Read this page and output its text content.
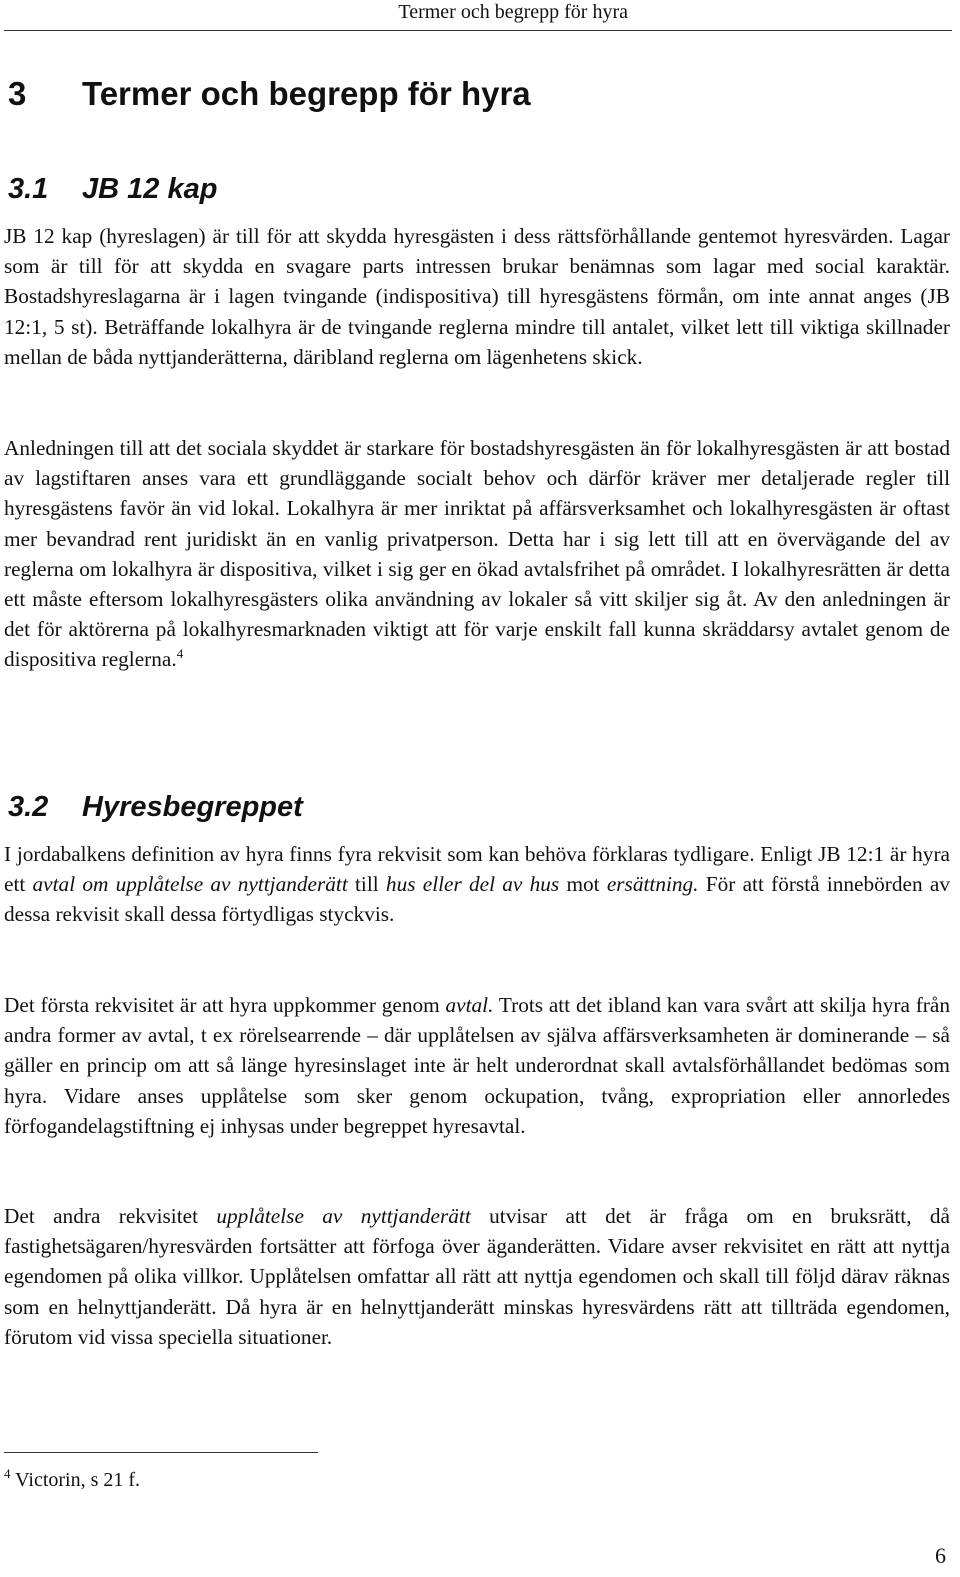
Termer och begrepp för hyra
3 Termer och begrepp för hyra
3.1 JB 12 kap

JB 12 kap (hyreslagen) är till för att skydda hyresgästen i dess rättsförhållande gentemot hyresvärden. Lagar som är till för att skydda en svagare parts intressen brukar benämnas som lagar med social karaktär. Bostadshyreslagarna är i lagen tvingande (indispositiva) till hyresgästens förmån, om inte annat anges (JB 12:1, 5 st). Beträffande lokalhyra är de tvingande reglerna mindre till antalet, vilket lett till viktiga skillnader mellan de båda nyttjanderätterna, däribland reglerna om lägenhetens skick.

Anledningen till att det sociala skyddet är starkare för bostadshyresgästen än för lokalhyresgästen är att bostad av lagstiftaren anses vara ett grundläggande socialt behov och därför kräver mer detaljerade regler till hyresgästens favör än vid lokal. Lokalhyra är mer inriktat på affärsverksamhet och lokalhyresgästen är oftast mer bevandrad rent juridiskt än en vanlig privatperson. Detta har i sig lett till att en övervägande del av reglerna om lokalhyra är dispositiva, vilket i sig ger en ökad avtalsfrihet på området. I lokalhyresrätten är detta ett måste eftersom lokalhyresgästers olika användning av lokaler så vitt skiljer sig åt. Av den anledningen är det för aktörerna på lokalhyresmarknaden viktigt att för varje enskilt fall kunna skräddarsy avtalet genom de dispositiva reglerna.$^4$

3.2 Hyresbegreppet

I jordabalkens definition av hyra finns fyra rekvisit som kan behöva förklaras tydligare. Enligt JB 12:1 är hyra ett avtal om upplåtelse av nyttjanderätt till hus eller del av hus mot ersättning. För att förstå innebörden av dessa rekvisit skall dessa förtydligas styckvis.

Det första rekvisitet är att hyra uppkommer genom avtal. Trots att det ibland kan vara svårt att skilja hyra från andra former av avtal, t ex rörelsearrende – där upplåtelsen av själva affärsverksamheten är dominerande – så gäller en princip om att så länge hyresinslaget inte är helt underordnat skall avtalsförhållandet bedömas som hyra. Vidare anses upplåtelse som sker genom ockupation, tvång, expropriation eller annorledes förfogandelagstiftning ej inhysas under begreppet hyresavtal.

Det andra rekvisitet upplåtelse av nyttjanderätt utvisar att det är fråga om en bruksrätt, då fastighetsägaren/hyresvärden fortsätter att förfoga över äganderätten. Vidare avser rekvisitet en rätt att nyttja egendomen på olika villkor. Upplåtelsen omfattar all rätt att nyttja egendomen och skall till följd därav räknas som en helnyttjanderätt. Då hyra är en helnyttjanderätt minskas hyresvärdens rätt att tillträda egendomen, förutom vid vissa speciella situationer.

$^4$ Victorin, s 21 f.

6
